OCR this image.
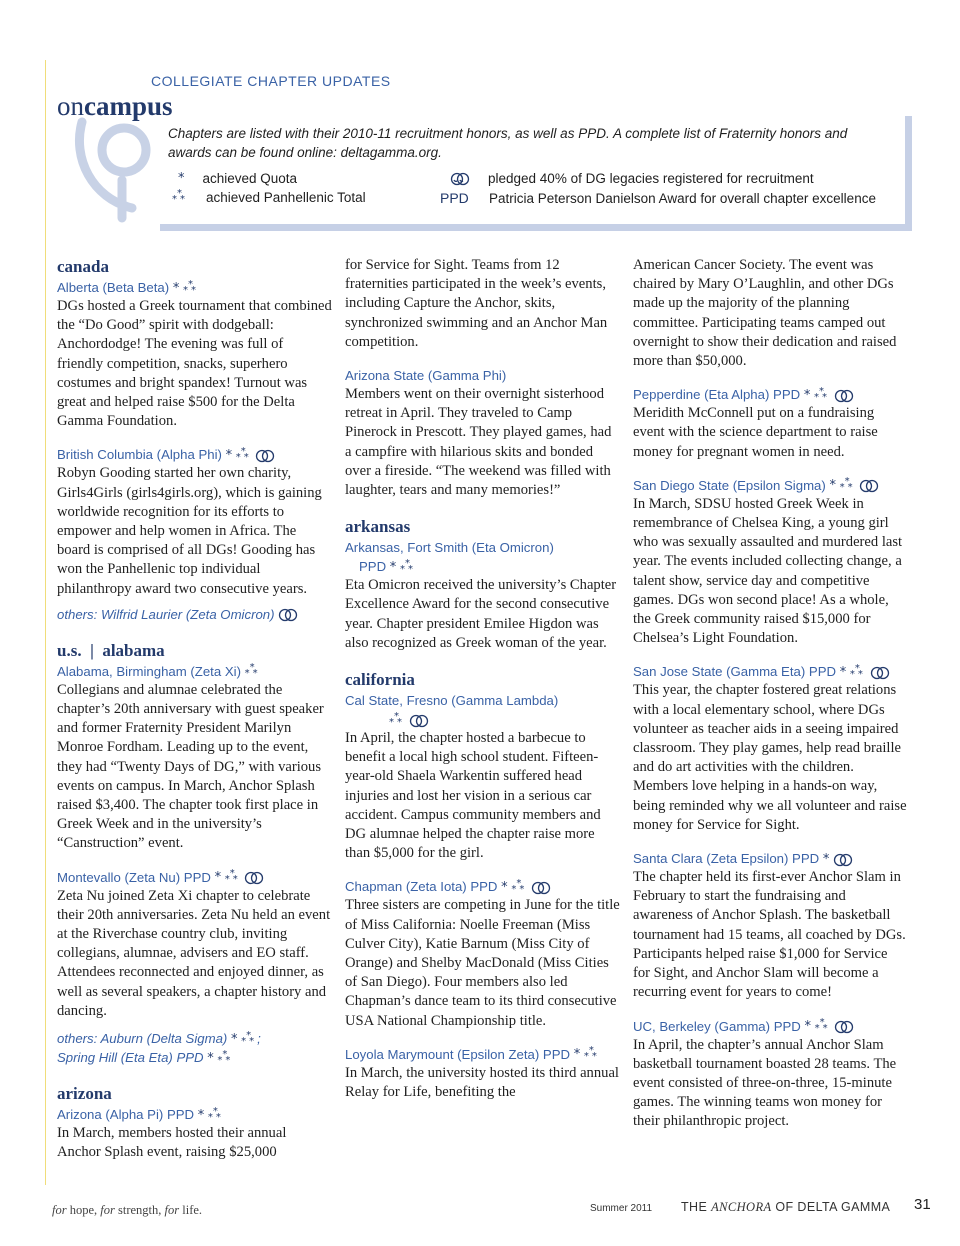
COLLEGIATE CHAPTER UPDATES
oncampus
Chapters are listed with their 2010-11 recruitment honors, as well as PPD. A complete list of Fraternity honors and awards can be found online: deltagamma.org.
* achieved Quota
*
* * achieved Panhellenic Total
pledged 40% of DG legacies registered for recruitment
PPD Patricia Peterson Danielson Award for overall chapter excellence

canada

Alberta (Beta Beta) * *
* *

DGs hosted a Greek tournament that combined the “Do Good” spirit with dodgeball: Anchordodge! The evening was full of friendly competition, snacks, superhero costumes and bright spandex! Turnout was great and helped raise $500 for the Delta Gamma Foundation.

British Columbia (Alpha Phi) * *
* *

Robyn Gooding started her own charity, Girls4Girls (girls4girls.org), which is gaining worldwide recognition for its efforts to empower and help women in Africa. The board is comprised of all DGs! Gooding has won the Panhellenic top individual philanthropy award two consecutive years.

others: Wilfrid Laurier (Zeta Omicron)

u.s.  |  alabama

Alabama, Birmingham (Zeta Xi) *
* *

Collegians and alumnae celebrated the chapter’s 20th anniversary with guest speaker and former Fraternity President Marilyn Monroe Fordham. Leading up to the event, they had “Twenty Days of DG,” with various events on campus. In March, Anchor Splash raised $3,400. The chapter took first place in Greek Week and in the university’s “Canstruction” event.

Montevallo (Zeta Nu) PPD * *
* *

Zeta Nu joined Zeta Xi chapter to celebrate their 20th anniversaries. Zeta Nu held an event at the Riverchase country club, inviting collegians, alumnae, advisers and EO staff. Attendees reconnected and enjoyed dinner, as well as several speakers, a chapter history and dancing.

others: Auburn (Delta Sigma) * *
* * ;

Spring Hill (Eta Eta) PPD * *
* *

arizona

Arizona (Alpha Pi) PPD * *
* *

In March, members hosted their annual Anchor Splash event, raising $25,000

for Service for Sight. Teams from 12 fraternities participated in the week’s events, including Capture the Anchor, skits, synchronized swimming and an Anchor Man competition.

Arizona State (Gamma Phi)

Members went on their overnight sisterhood retreat in April. They traveled to Camp Pinerock in Prescott. They played games, had a campfire with hilarious skits and bonded over a fireside. “The weekend was filled with laughter, tears and many memories!”

arkansas

Arkansas, Fort Smith (Eta Omicron)

PPD * *
* *

Eta Omicron received the university’s Chapter Excellence Award for the second consecutive year. Chapter president Emilee Higdon was also recognized as Greek woman of the year.

california

Cal State, Fresno (Gamma Lambda)

*
* *

In April, the chapter hosted a barbecue to benefit a local high school student. Fifteen-year-old Shaela Warkentin suffered head injuries and lost her vision in a serious car accident. Campus community members and DG alumnae helped the chapter raise more than $5,000 for the girl.

Chapman (Zeta Iota) PPD * *
* *

Three sisters are competing in June for the title of Miss California: Noelle Freeman (Miss Culver City), Katie Barnum (Miss City of Orange) and Shelby MacDonald (Miss Cities of San Diego). Four members also led Chapman’s dance team to its third consecutive USA National Championship title.

Loyola Marymount (Epsilon Zeta) PPD * *
* *

In March, the university hosted its third annual Relay for Life, benefiting the

American Cancer Society. The event was chaired by Mary O’Laughlin, and other DGs made up the majority of the planning committee. Participating teams camped out overnight to show their dedication and raised more than $50,000.

Pepperdine (Eta Alpha) PPD * *
* *

Meridith McConnell put on a fundraising event with the science department to raise money for pregnant women in need.

San Diego State (Epsilon Sigma) * *
* *

In March, SDSU hosted Greek Week in remembrance of Chelsea King, a young girl who was sexually assaulted and murdered last year. The events included collecting change, a talent show, service day and competitive games. DGs won second place! As a whole, the Greek community raised $15,000 for Chelsea’s Light Foundation.

San Jose State (Gamma Eta) PPD * *
* *

This year, the chapter fostered great relations with a local elementary school, where DGs volunteer as teacher aids in a seeing impaired classroom. They play games, help read braille and do art activities with the children. Members love helping in a hands-on way, being reminded why we all volunteer and raise money for Service for Sight.

Santa Clara (Zeta Epsilon) PPD *

The chapter held its first-ever Anchor Slam in February to start the fundraising and awareness of Anchor Splash. The basketball tournament had 15 teams, all coached by DGs. Participants helped raise $1,000 for Service for Sight, and Anchor Slam will become a recurring event for years to come!

UC, Berkeley (Gamma) PPD * *
* *

In April, the chapter’s annual Anchor Slam basketball tournament boasted 28 teams. The event consisted of three-on-three, 15-minute games. The winning teams won money for their philanthropic project.

for hope, for strength, for life.	Summer 2011 THE ANCHORA OF DELTA GAMMA 31
